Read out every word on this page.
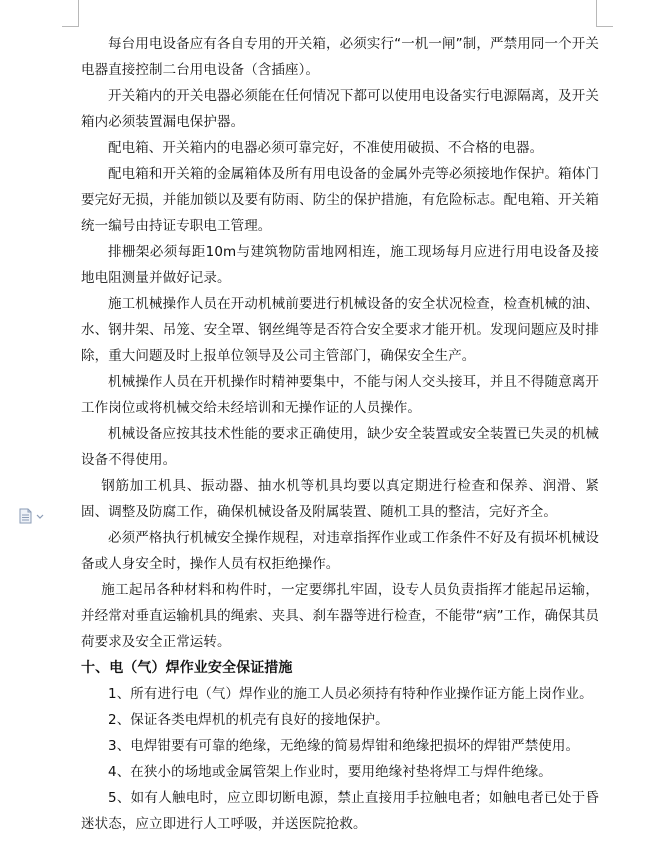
每台用电设备应有各自专用的开关箱，必须实行“一机一闸”制，严禁用同一个开关电器直接控制二台用电设备（含插座）。

开关箱内的开关电器必须能在任何情况下都可以使用电设备实行电源隔离，及开关箱内必须装置漏电保护器。

配电箱、开关箱内的电器必须可靠完好，不准使用破损、不合格的电器。

配电箱和开关箱的金属箱体及所有用电设备的金属外壳等必须接地作保护。箱体门要完好无损，并能加锁以及要有防雨、防尘的保护措施，有危险标志。配电箱、开关箱统一编号由持证专职电工管理。

排栅架必须每距10m与建筑物防雷地网相连，施工现场每月应进行用电设备及接地电阻测量并做好记录。

施工机械操作人员在开动机械前要进行机械设备的安全状况检查，检查机械的油、水、钢井架、吊笼、安全罩、钢丝绳等是否符合安全要求才能开机。发现问题应及时排除，重大问题及时上报单位领导及公司主管部门，确保安全生产。

机械操作人员在开机操作时精神要集中，不能与闲人交头接耳，并且不得随意离开工作岗位或将机械交给未经培训和无操作证的人员操作。

机械设备应按其技术性能的要求正确使用，缺少安全装置或安全装置已失灵的机械设备不得使用。

钢筋加工机具、振动器、抽水机等机具均要以真定期进行检查和保养、润滑、紧固、调整及防腐工作，确保机械设备及附属装置、随机工具的整洁，完好齐全。

必须严格执行机械安全操作规程，对违章指挥作业或工作条件不好及有损坏机械设备或人身安全时，操作人员有权拒绝操作。

施工起吊各种材料和构件时，一定要绑扎牢固，设专人员负责指挥才能起吊运输，并经常对垂直运输机具的绳索、夹具、刹车器等进行检查，不能带“病”工作，确保其员荷要求及安全正常运转。

十、电（气）焊作业安全保证措施

1、所有进行电（气）焊作业的施工人员必须持有特种作业操作证方能上岗作业。

2、保证各类电焊机的机壳有良好的接地保护。

3、电焊钳要有可靠的绝缘，无绝缘的简易焊钳和绝缘把损坏的焊钳严禁使用。

4、在狭小的场地或金属管架上作业时，要用绝缘衬垫将焊工与焊件绝缘。

5、如有人触电时，应立即切断电源，禁止直接用手拉触电者；如触电者已处于昏迷状态，应立即进行人工呼吸，并送医院抢救。
